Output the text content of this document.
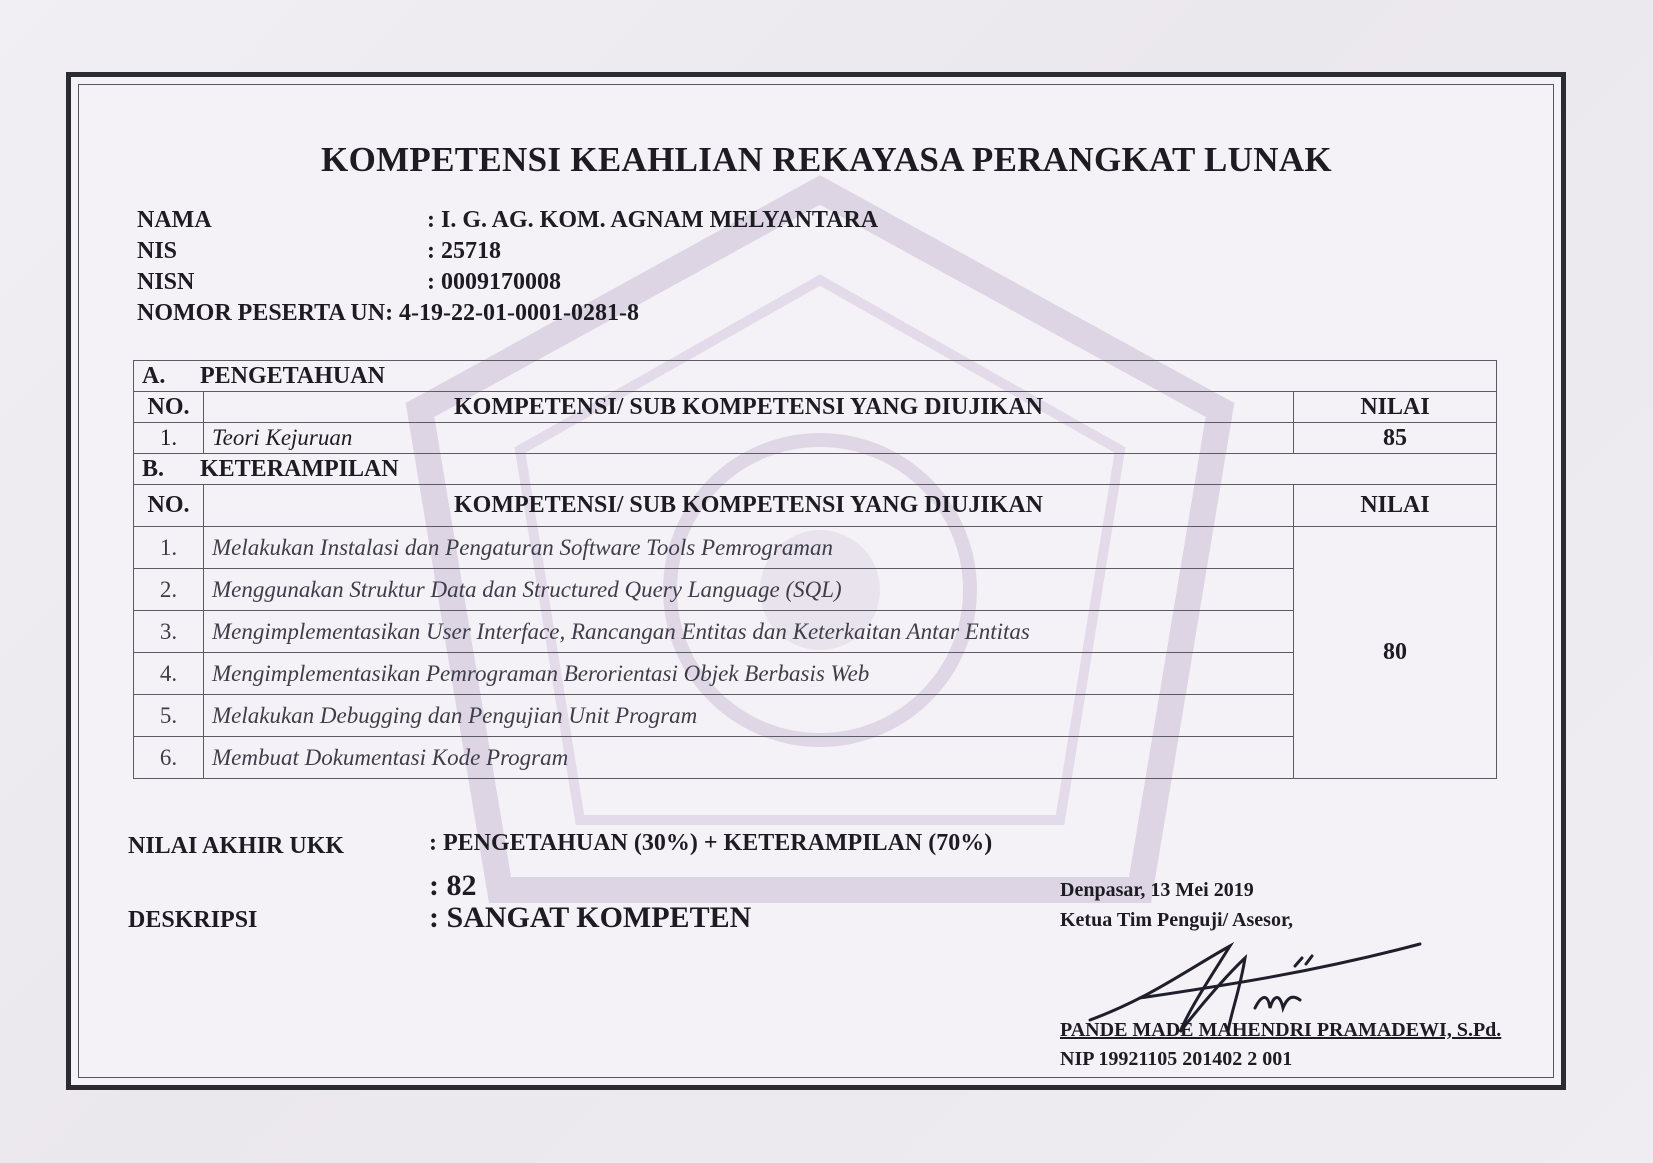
KOMPETENSI KEAHLIAN REKAYASA PERANGKAT LUNAK
NAMA	: I. G. AG. KOM. AGNAM MELYANTARA
NIS	: 25718
NISN	: 0009170008
NOMOR PESERTA UN: 4-19-22-01-0001-0281-8
A. PENGETAHUAN		
NO.	KOMPETENSI/ SUB KOMPETENSI YANG DIUJIKAN	NILAI
1.	Teori Kejuruan	85
B. KETERAMPILAN		
NO.	KOMPETENSI/ SUB KOMPETENSI YANG DIUJIKAN	NILAI
1.	Melakukan Instalasi dan Pengaturan Software Tools Pemrograman	80
2.	Menggunakan Struktur Data dan Structured Query Language (SQL)	
3.	Mengimplementasikan User Interface, Rancangan Entitas dan Keterkaitan Antar Entitas	
4.	Mengimplementasikan Pemrograman Berorientasi Objek Berbasis Web	
5.	Melakukan Debugging dan Pengujian Unit Program	
6.	Membuat Dokumentasi Kode Program	
NILAI AKHIR UKK	: PENGETAHUAN (30%) + KETERAMPILAN (70%)
: 82
DESKRIPSI	: SANGAT KOMPETEN
Denpasar, 13 Mei 2019
Ketua Tim Penguji/ Asesor,
PANDE MADE MAHENDRI PRAMADEWI, S.Pd.
NIP 19921105 201402 2 001
